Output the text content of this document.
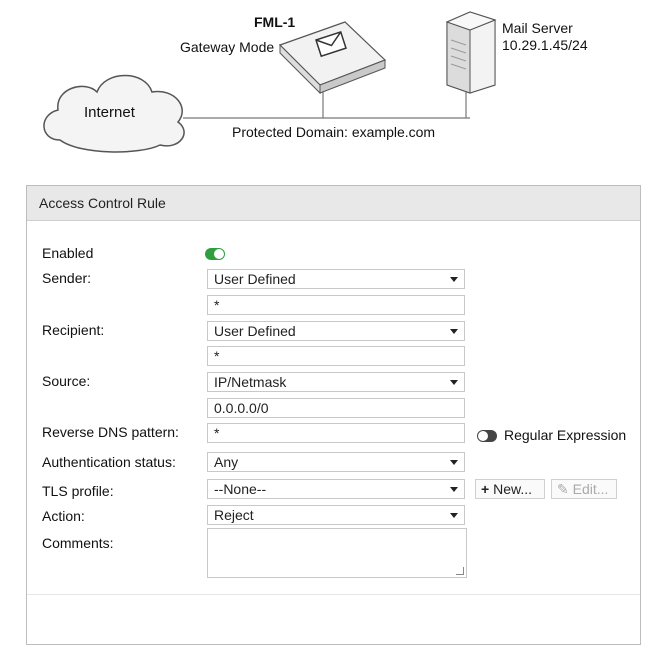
FML-1
Gateway Mode
Internet
Mail Server
10.29.1.45/24
Protected Domain: example.com
Access Control Rule
Enabled
Sender:	User Defined
*
Recipient:	User Defined
*
Source:	IP/Netmask
0.0.0.0/0
Reverse DNS pattern:	*	Regular Expression
Authentication status:	Any
TLS profile:	--None--	+ New...	✎ Edit...
Action:	Reject
Comments:
